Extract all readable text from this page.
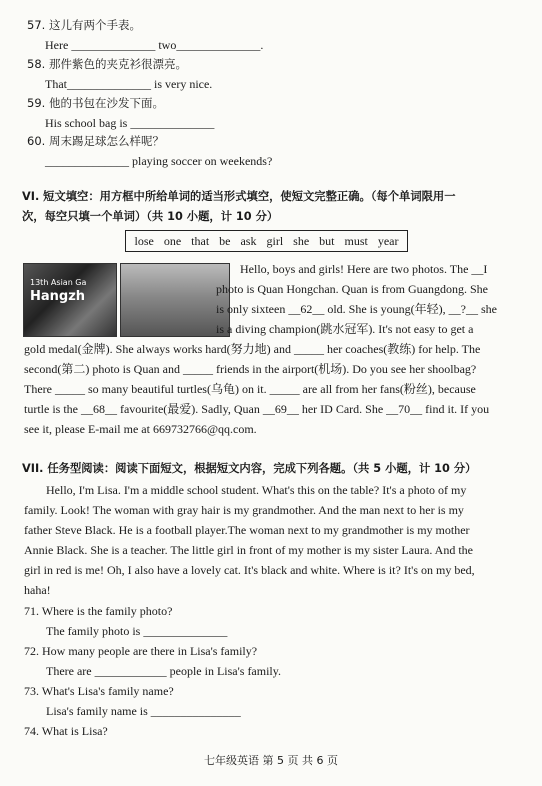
57. 这儿有两个手表。
Here ______________ two______________.
58. 那件紫色的夹克衫很漂亮。
That______________ is very nice.
59. 他的书包在沙发下面。
His school bag is ______________
60. 周末踢足球怎么样呢？
______________ playing soccer on weekends?
VI. 短文填空：用方框中所给单词的适当形式填空，使短文完整正确。（每个单词限用一
次，每空只填一个单词）（共 10 小题，计 10 分）
lose one that be ask girl she but must year
13th Asian Ga
Hangzh
Hello, boys and girls! Here are two photos. The __I
photo is Quan Hongchan. Quan is from Guangdong. She
is only sixteen __62__ old. She is young(年轻), __?__ she
is a diving champion(跳水冠军). It's not easy to get a
gold medal(金牌). She always works hard(努力地) and _____ her coaches(教练) for help. The
second(第二) photo is Quan and _____ friends in the airport(机场). Do you see her shoolbag?
There _____ so many beautiful turtles(乌龟) on it. _____ are all from her fans(粉丝), because
turtle is the __68__ favourite(最爱). Sadly, Quan __69__ her ID Card. She __70__ find it. If you
see it, please E-mail me at 669732766@qq.com.
VII. 任务型阅读：阅读下面短文，根据短文内容，完成下列各题。（共 5 小题，计 10 分）
Hello, I'm Lisa. I'm a middle school student. What's this on the table? It's a photo of my
family. Look! The woman with gray hair is my grandmother. And the man next to her is my
father Steve Black. He is a football player.The woman next to my grandmother is my mother
Annie Black. She is a teacher. The little girl in front of my mother is my sister Laura. And the
girl in red is me! Oh, I also have a lovely cat. It's black and white. Where is it? It's on my bed,
haha!
71. Where is the family photo?
The family photo is ______________
72. How many people are there in Lisa's family?
There are ____________ people in Lisa's family.
73. What's Lisa's family name?
Lisa's family name is _______________
74. What is Lisa?
七年级英语 第 5 页 共 6 页
